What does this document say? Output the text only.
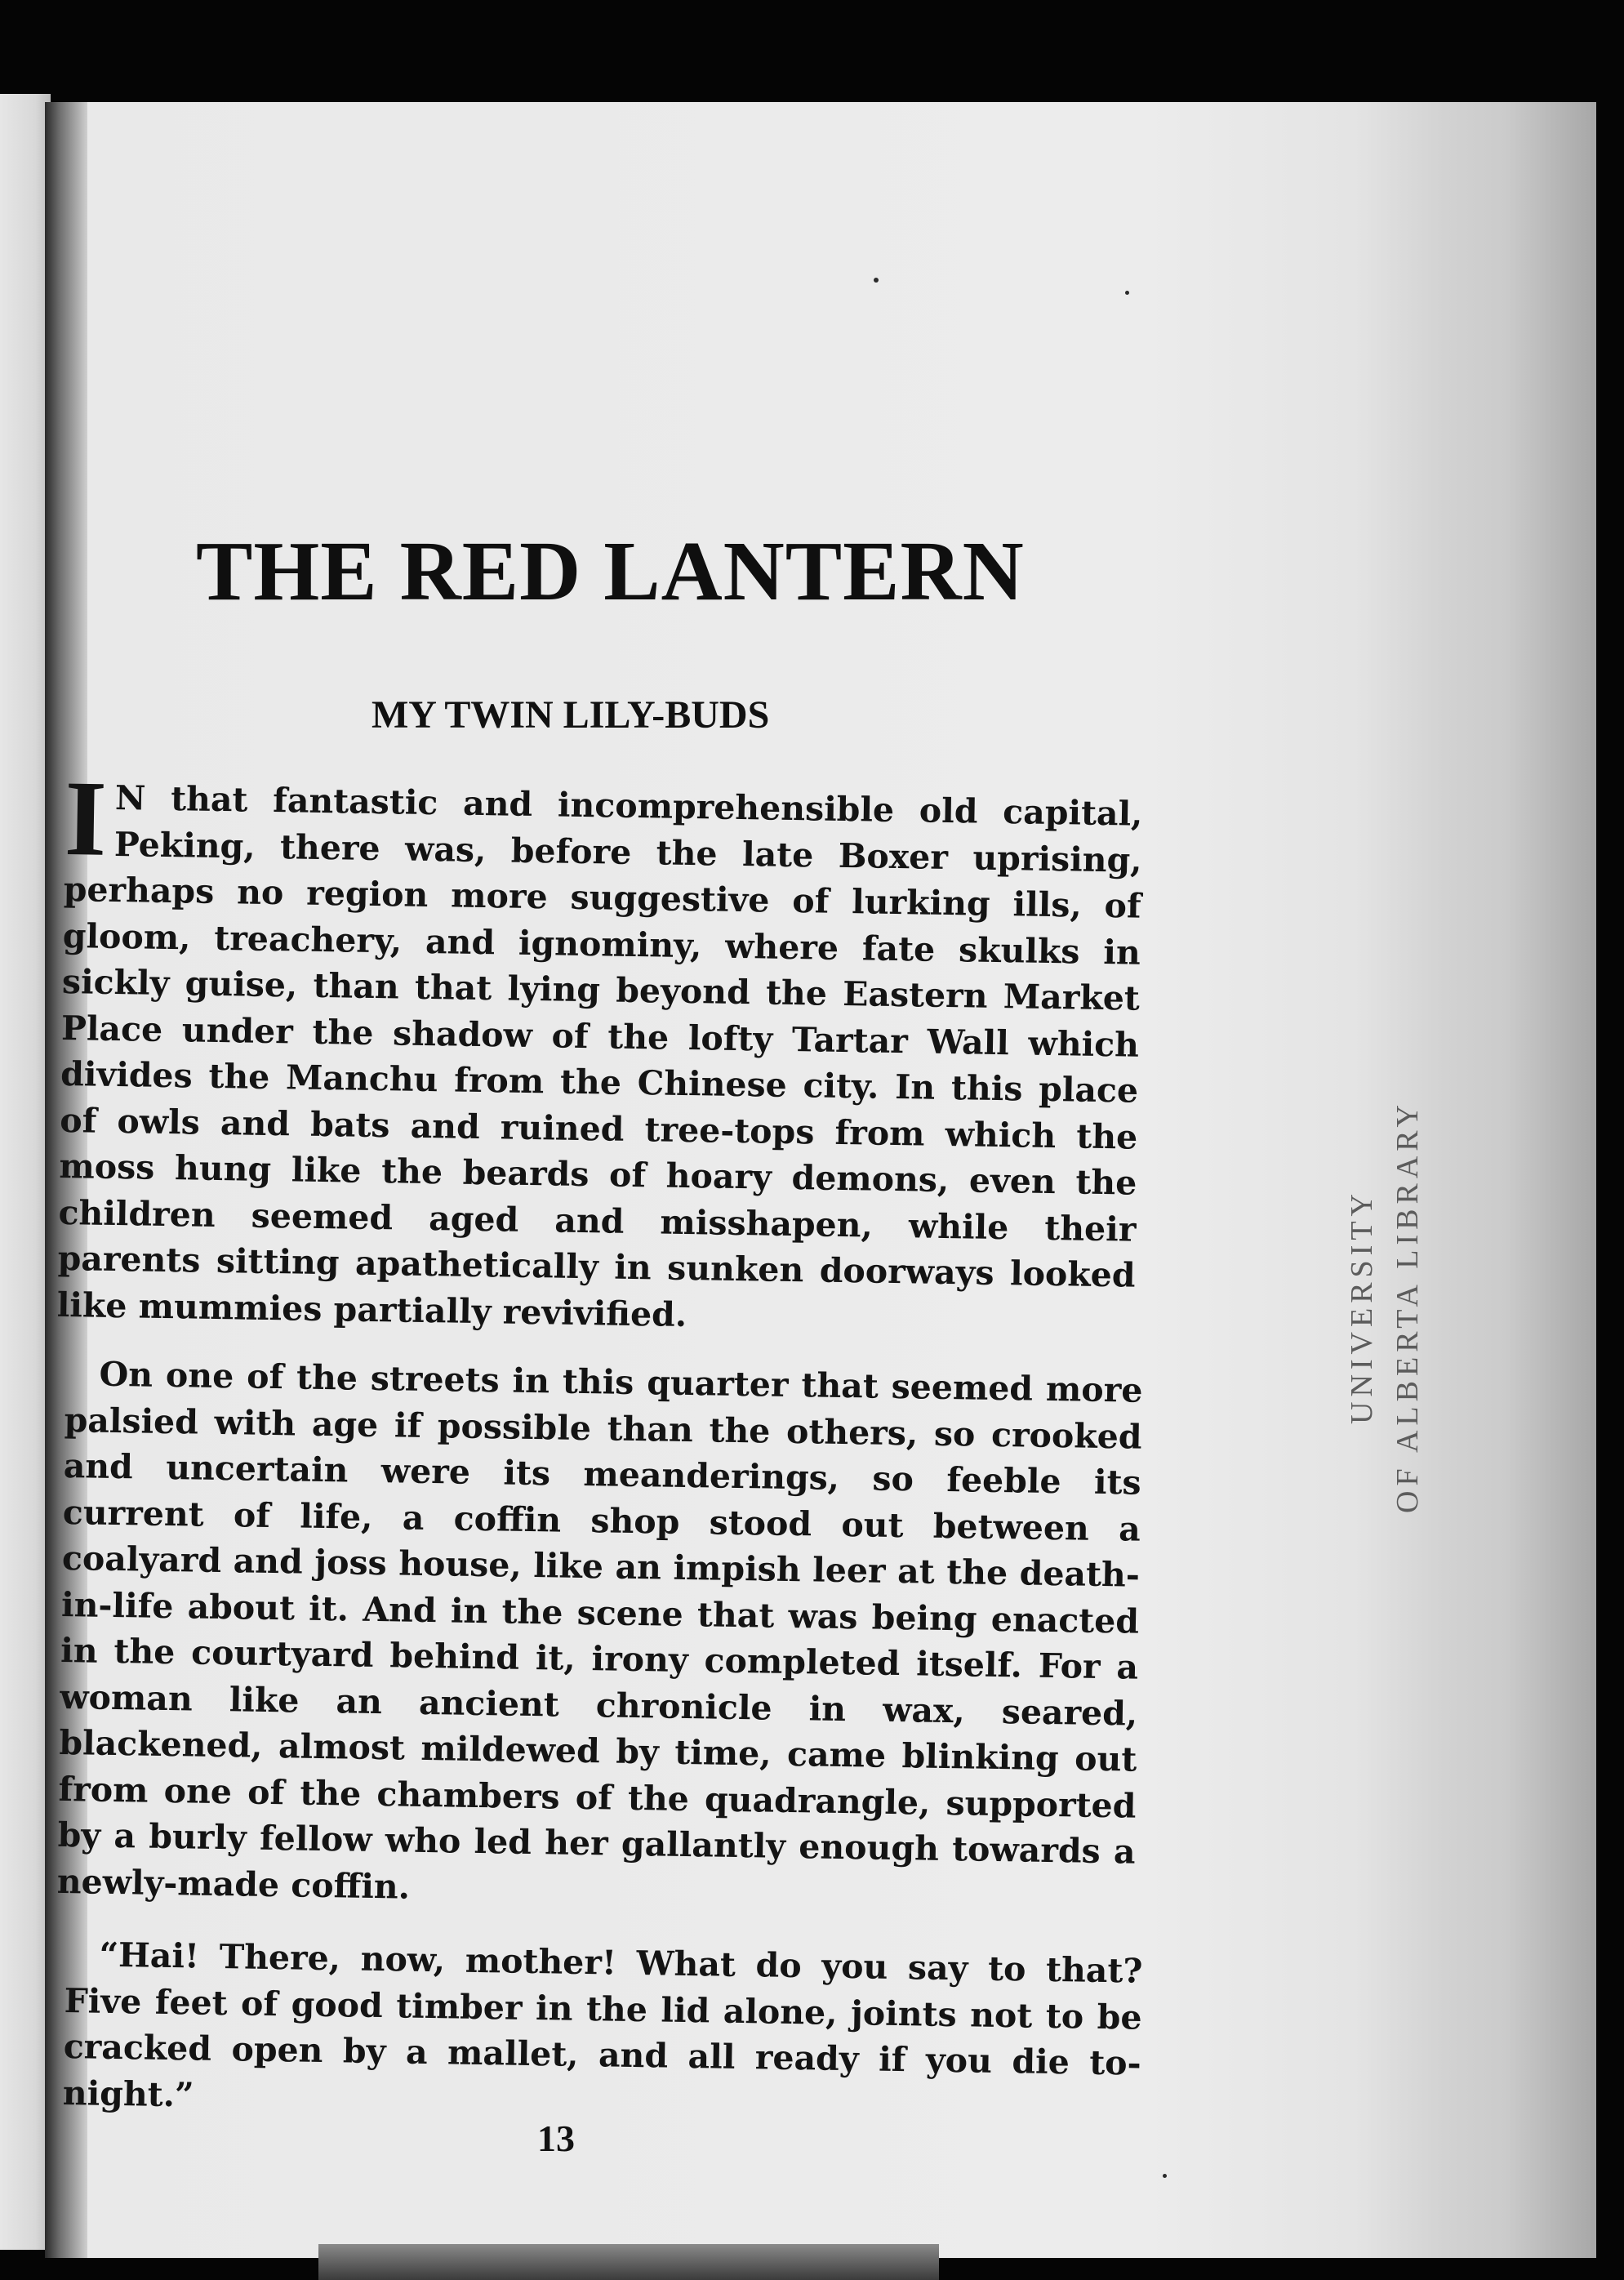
THE RED LANTERN
MY TWIN LILY-BUDS

I N that fantastic and incomprehensible old capital, Peking, there was, before the late Boxer uprising, perhaps no region more suggestive of lurking ills, of gloom, treachery, and ignominy, where fate skulks in sickly guise, than that lying beyond the Eastern Market Place under the shadow of the lofty Tartar Wall which divides the Manchu from the Chinese city. In this place of owls and bats and ruined tree-tops from which the moss hung like the beards of hoary demons, even the children seemed aged and misshapen, while their parents sitting apathetically in sunken doorways looked like mummies partially revivified.

On one of the streets in this quarter that seemed more palsied with age if possible than the others, so crooked and uncertain were its meanderings, so feeble its current of life, a coffin shop stood out between a coalyard and joss house, like an impish leer at the death-in-life about it. And in the scene that was being enacted in the courtyard behind it, irony completed itself. For a woman like an ancient chronicle in wax, seared, blackened, almost mildewed by time, came blinking out from one of the chambers of the quadrangle, supported by a burly fellow who led her gallantly enough towards a newly-made coffin.

“Hai! There, now, mother! What do you say to that? Five feet of good timber in the lid alone, joints not to be cracked open by a mallet, and all ready if you die to-night.”

13
UNIVERSITY OF ALBERTA LIBRARY
